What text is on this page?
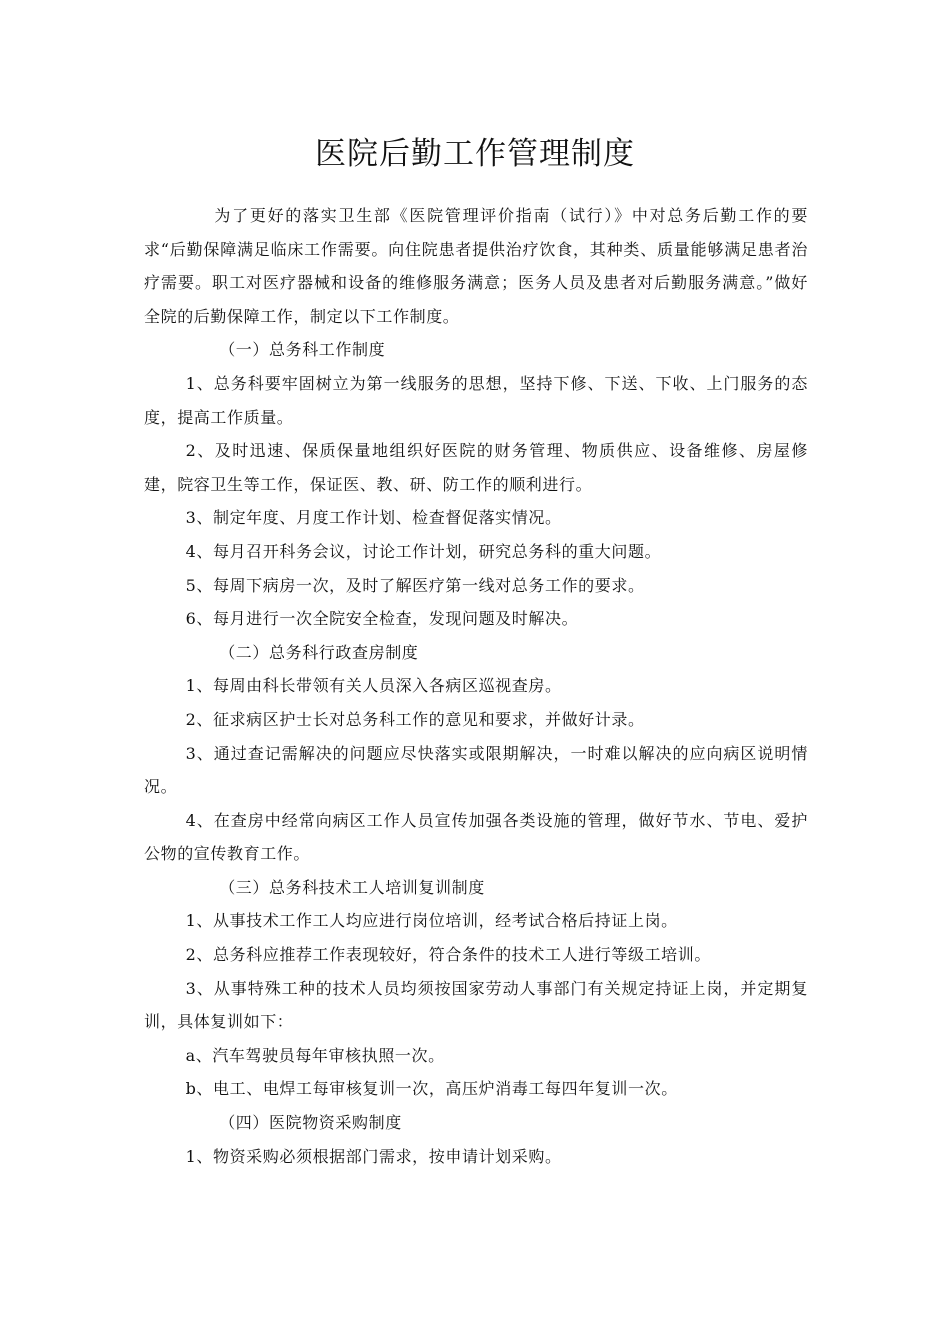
医院后勤工作管理制度

为了更好的落实卫生部《医院管理评价指南（试行）》中对总务后勤工作的要求“后勤保障满足临床工作需要。向住院患者提供治疗饮食，其种类、质量能够满足患者治疗需要。职工对医疗器械和设备的维修服务满意；医务人员及患者对后勤服务满意。”做好全院的后勤保障工作，制定以下工作制度。

（一）总务科工作制度

1、总务科要牢固树立为第一线服务的思想，坚持下修、下送、下收、上门服务的态度，提高工作质量。

2、及时迅速、保质保量地组织好医院的财务管理、物质供应、设备维修、房屋修建，院容卫生等工作，保证医、教、研、防工作的顺利进行。

3、制定年度、月度工作计划、检查督促落实情况。

4、每月召开科务会议，讨论工作计划，研究总务科的重大问题。

5、每周下病房一次，及时了解医疗第一线对总务工作的要求。

6、每月进行一次全院安全检查，发现问题及时解决。

（二）总务科行政查房制度

1、每周由科长带领有关人员深入各病区巡视查房。

2、征求病区护士长对总务科工作的意见和要求，并做好计录。

3、通过查记需解决的问题应尽快落实或限期解决，一时难以解决的应向病区说明情况。

4、在查房中经常向病区工作人员宣传加强各类设施的管理，做好节水、节电、爱护公物的宣传教育工作。

（三）总务科技术工人培训复训制度

1、从事技术工作工人均应进行岗位培训，经考试合格后持证上岗。

2、总务科应推荐工作表现较好，符合条件的技术工人进行等级工培训。

3、从事特殊工种的技术人员均须按国家劳动人事部门有关规定持证上岗，并定期复训，具体复训如下：

a、汽车驾驶员每年审核执照一次。

b、电工、电焊工每审核复训一次，高压炉消毒工每四年复训一次。

（四）医院物资采购制度

1、物资采购必须根据部门需求，按申请计划采购。
